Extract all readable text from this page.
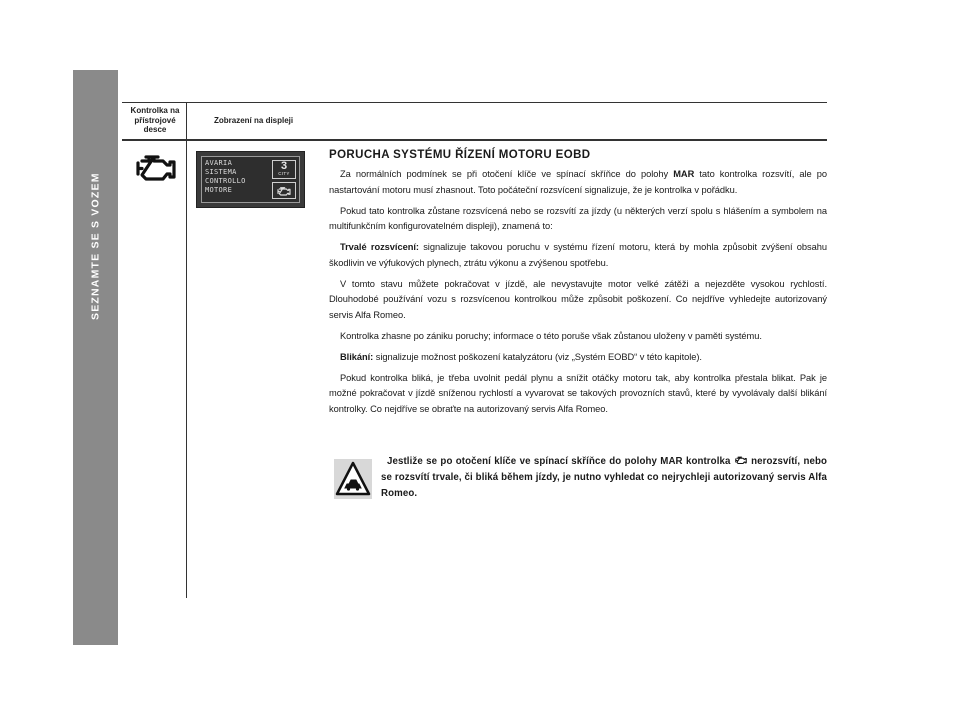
SEZNAMTE SE S VOZEM
90
Kontrolka na přístrojové desce
Zobrazení na displeji
AVARIA
SISTEMA
CONTROLLO
MOTORE
3
CITY
PORUCHA SYSTÉMU ŘÍZENÍ MOTORU EOBD

Za normálních podmínek se při otočení klíče ve spínací skříňce do polohy MAR tato kontrolka rozsvítí, ale po nastartování motoru musí zhasnout. Toto počáteční rozsvícení signalizuje, že je kontrolka v pořádku.

Pokud tato kontrolka zůstane rozsvícená nebo se rozsvítí za jízdy (u některých verzí spolu s hlášením a symbolem na multifunkčním konfigurovatelném displeji), znamená to:

Trvalé rozsvícení: signalizuje takovou poruchu v systému řízení motoru, která by mohla způsobit zvýšení obsahu škodlivin ve výfukových plynech, ztrátu výkonu a zvýšenou spotřebu.

V tomto stavu můžete pokračovat v jízdě, ale nevystavujte motor velké zátěži a nejezděte vysokou rychlostí. Dlouhodobé používání vozu s rozsvícenou kontrolkou může způsobit poškození. Co nejdříve vyhledejte autorizovaný servis Alfa Romeo.

Kontrolka zhasne po zániku poruchy; informace o této poruše však zůstanou uloženy v paměti systému.

Blikání: signalizuje možnost poškození katalyzátoru (viz „Systém EOBD“ v této kapitole).

Pokud kontrolka bliká, je třeba uvolnit pedál plynu a snížit otáčky motoru tak, aby kontrolka přestala blikat. Pak je možné pokračovat v jízdě sníženou rychlostí a vyvarovat se takových provozních stavů, které by vyvolávaly další blikání kontrolky. Co nejdříve se obraťte na autorizovaný servis Alfa Romeo.

Jestliže se po otočení klíče ve spínací skříňce do polohy MAR kontrolka  nerozsvítí, nebo se rozsvítí trvale, či bliká během jízdy, je nutno vyhledat co nejrychleji autorizovaný servis Alfa Romeo.
